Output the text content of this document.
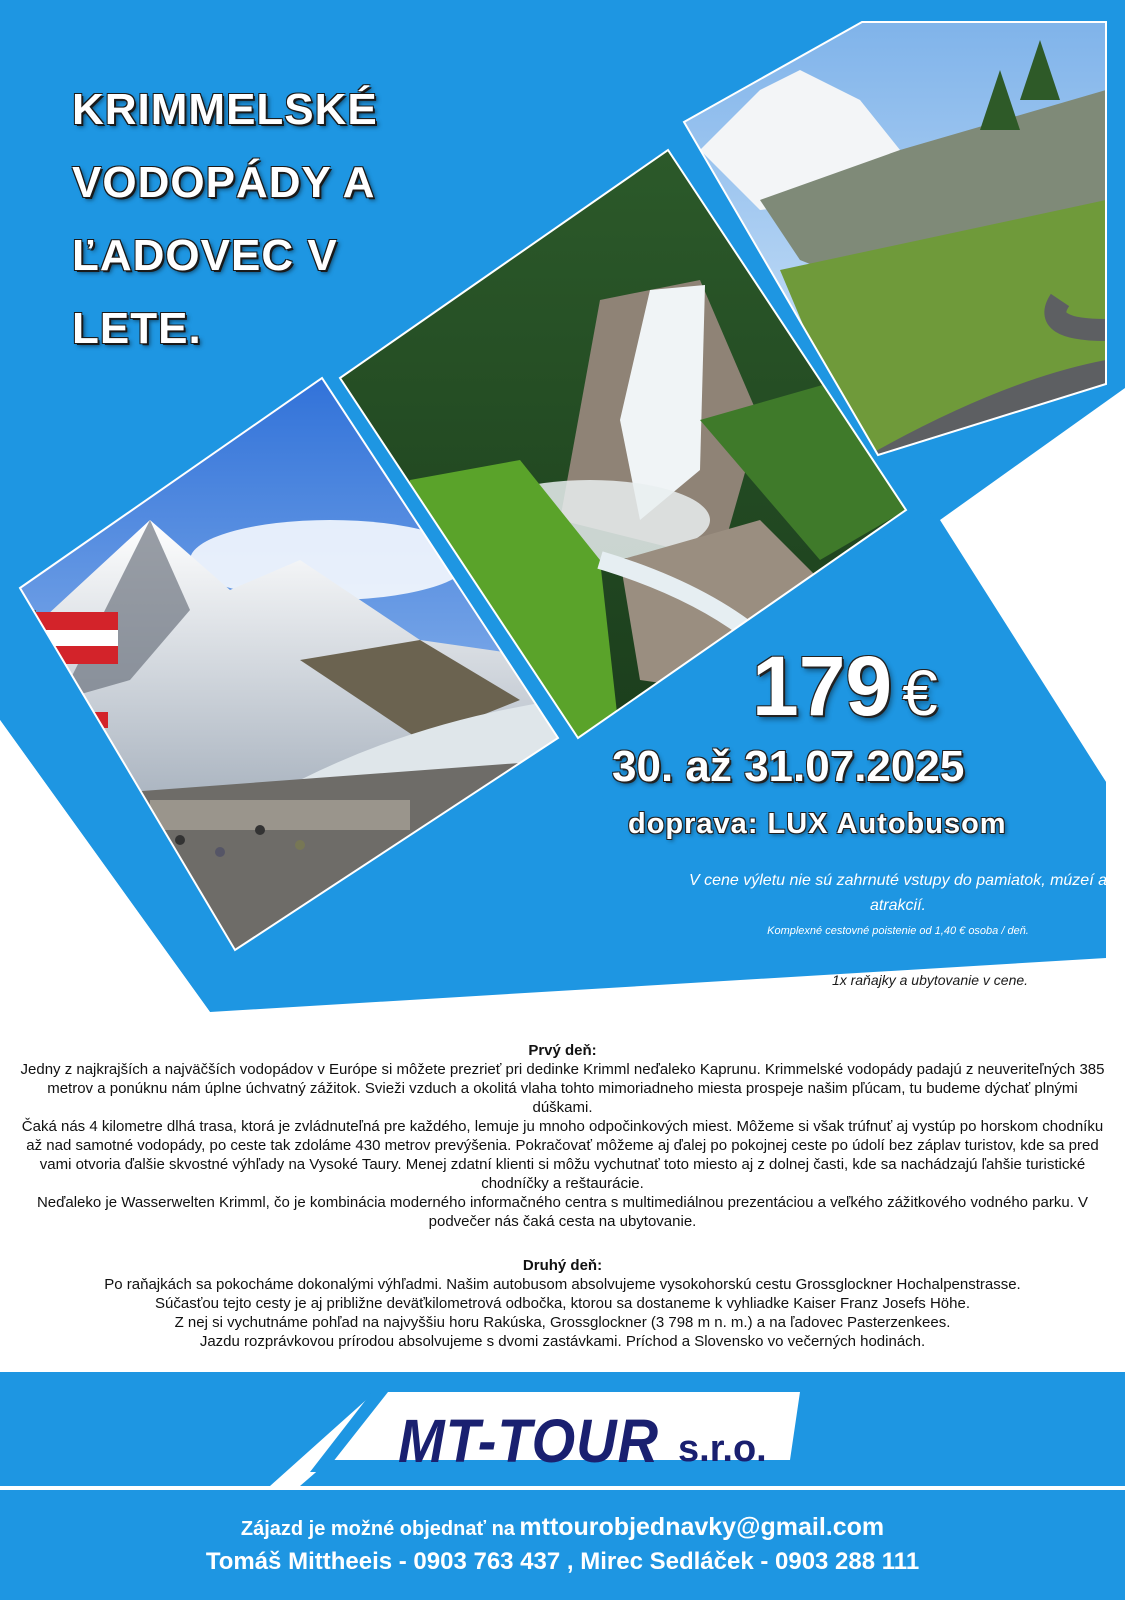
KRIMMELSKÉ
VODOPÁDY A
ĽADOVEC V
LETE.
179 €
30. až 31.07.2025
doprava: LUX Autobusom
V cene výletu nie sú zahrnuté vstupy do pamiatok, múzeí a atrakcií.
Komplexné cestovné poistenie od 1,40 € osoba / deň.
1x raňajky a ubytovanie v cene.

Prvý deň:

Jedny z najkrajších a najväčších vodopádov v Európe si môžete prezrieť pri dedinke Krimml neďaleko Kaprunu. Krimmelské vodopády padajú z neuveriteľných 385 metrov a ponúknu nám úplne úchvatný zážitok. Svieži vzduch a okolitá vlaha tohto mimoriadneho miesta prospeje našim pľúcam, tu budeme dýchať plnými dúškami.

Čaká nás 4 kilometre dlhá trasa, ktorá je zvládnuteľná pre každého, lemuje ju mnoho odpočinkových miest. Môžeme si však trúfnuť aj vystúp po horskom chodníku až nad samotné vodopády, po ceste tak zdoláme 430 metrov prevýšenia. Pokračovať môžeme aj ďalej po pokojnej ceste po údolí bez záplav turistov, kde sa pred vami otvoria ďalšie skvostné výhľady na Vysoké Taury. Menej zdatní klienti si môžu vychutnať toto miesto aj z dolnej časti, kde sa nachádzajú ľahšie turistické chodníčky a reštaurácie.

Neďaleko je Wasserwelten Krimml, čo je kombinácia moderného informačného centra s multimediálnou prezentáciou a veľkého zážitkového vodného parku. V podvečer nás čaká cesta na ubytovanie.

Druhý deň:

Po raňajkách sa pokocháme dokonalými výhľadmi. Našim autobusom absolvujeme vysokohorskú cestu Grossglockner Hochalpenstrasse.

Súčasťou tejto cesty je aj približne deväťkilometrová odbočka, ktorou sa dostaneme k vyhliadke Kaiser Franz Josefs Höhe.

Z nej si vychutnáme pohľad na najvyššiu horu Rakúska, Grossglockner (3 798 m n. m.) a na ľadovec Pasterzenkees.

Jazdu rozprávkovou prírodou absolvujeme s dvomi zastávkami. Príchod a Slovensko vo večerných hodinách.

MT-TOUR s.r.o.
Zájazd je možné objednať na mttourobjednavky@gmail.com
Tomáš Mittheeis - 0903 763 437 , Mirec Sedláček - 0903 288 111
